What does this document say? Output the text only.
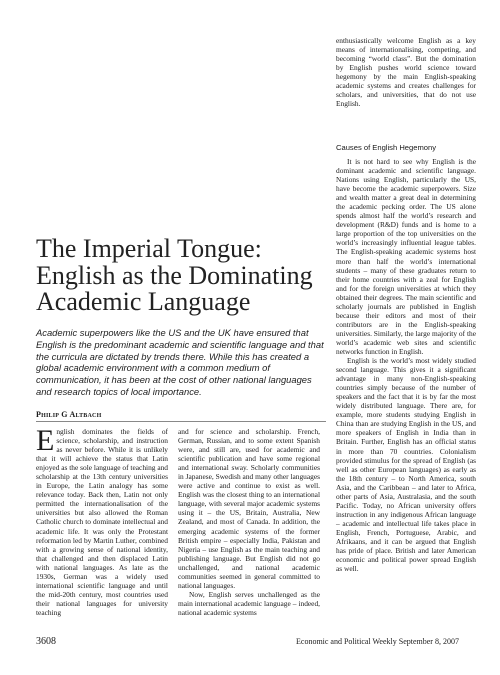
enthusiastically welcome English as a key means of internationalising, competing, and becoming “world class”. But the domination by English pushes world science toward hegemony by the main English-speaking academic systems and creates challenges for scholars, and universities, that do not use English.

The Imperial Tongue: English as the Dominating Academic Language

Academic superpowers like the US and the UK have ensured that English is the predominant academic and scientific language and that the curricula are dictated by trends there. While this has created a global academic environment with a common medium of communication, it has been at the cost of other national languages and research topics of local importance.

Philip G Altbach

English dominates the fields of science, scholarship, and instruction as never before. While it is unlikely that it will achieve the status that Latin enjoyed as the sole language of teaching and scholarship at the 13th century universities in Europe, the Latin analogy has some relevance today. Back then, Latin not only permitted the internationalisation of the universities but also allowed the Roman Catholic church to dominate intellectual and academic life. It was only the Protestant reformation led by Martin Luther, combined with a growing sense of national identity, that challenged and then displaced Latin with national languages. As late as the 1930s, German was a widely used international scientific language and until the mid-20th century, most countries used their national languages for university teaching

and for science and scholarship. French, German, Russian, and to some extent Spanish were, and still are, used for academic and scientific publication and have some regional and international sway. Scholarly communities in Japanese, Swedish and many other languages were active and continue to exist as well. English was the closest thing to an international language, with several major academic systems using it – the US, Britain, Australia, New Zealand, and most of Canada. In addition, the emerging academic systems of the former British empire – especially India, Pakistan and Nigeria – use English as the main teaching and publishing language. But English did not go unchallenged, and national academic communities seemed in general committed to national languages.

Now, English serves unchallenged as the main international academic language – indeed, national academic systems

Causes of English Hegemony

It is not hard to see why English is the dominant academic and scientific language. Nations using English, particularly the US, have become the academic superpowers. Size and wealth matter a great deal in determining the academic pecking order. The US alone spends almost half the world’s research and development (R&D) funds and is home to a large proportion of the top universities on the world’s increasingly influential league tables. The English-speaking academic systems host more than half the world’s international students – many of these graduates return to their home countries with a zeal for English and for the foreign universities at which they obtained their degrees. The main scientific and scholarly journals are published in English because their editors and most of their contributors are in the English-speaking universities. Similarly, the large majority of the world’s academic web sites and scientific networks function in English.

English is the world’s most widely studied second language. This gives it a significant advantage in many non-English-speaking countries simply because of the number of speakers and the fact that it is by far the most widely distributed language. There are, for example, more students studying English in China than are studying English in the US, and more speakers of English in India than in Britain. Further, English has an official status in more than 70 countries. Colonialism provided stimulus for the spread of English (as well as other European languages) as early as the 18th century – to North America, south Asia, and the Caribbean – and later to Africa, other parts of Asia, Australasia, and the south Pacific. Today, no African university offers instruction in any indigenous African language – academic and intellectual life takes place in English, French, Portuguese, Arabic, and Afrikaans, and it can be argued that English has pride of place. British and later American economic and political power spread English as well.

3608	Economic and Political Weekly September 8, 2007
